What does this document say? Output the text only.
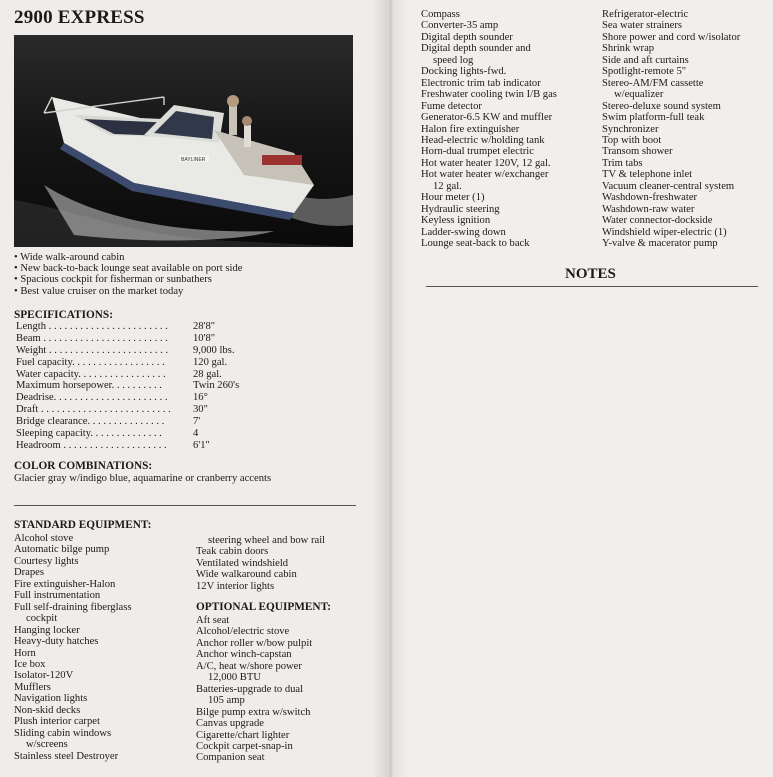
2900 EXPRESS
BAYLINER
• Wide walk-around cabin
• New back-to-back lounge seat available on port side
• Spacious cockpit for fisherman or sunbathers
• Best value cruiser on the market today
SPECIFICATIONS:
Length . . . . . . . . . . . . . . . . . . . . . . . 28'8"
Beam . . . . . . . . . . . . . . . . . . . . . . . . 10'8"
Weight . . . . . . . . . . . . . . . . . . . . . . . 9,000 lbs.
Fuel capacity. . . . . . . . . . . . . . . . . .	120 gal.
Water capacity. . . . . . . . . . . . . . . . .	28 gal.
Maximum horsepower. . . . . . . . . .	Twin 260's
Deadrise. . . . . . . . . . . . . . . . . . . . . . 16°
Draft . . . . . . . . . . . . . . . . . . . . . . . . . 30"
Bridge clearance. . . . . . . . . . . . . . .	7'
Sleeping capacity. . . . . . . . . . . . . .	4
Headroom . . . . . . . . . . . . . . . . . . . . 6'1"
COLOR COMBINATIONS:
Glacier gray w/indigo blue, aquamarine or cranberry accents
STANDARD EQUIPMENT:
Alcohol stove
Automatic bilge pump
Courtesy lights
Drapes
Fire extinguisher-Halon
Full instrumentation
Full self-draining fiberglass
cockpit
Hanging locker
Heavy-duty hatches
Horn
Ice box
Isolator-120V
Mufflers
Navigation lights
Non-skid decks
Plush interior carpet
Sliding cabin windows
w/screens
Stainless steel Destroyer
steering wheel and bow rail
Teak cabin doors
Ventilated windshield
Wide walkaround cabin
12V interior lights
OPTIONAL EQUIPMENT:
Aft seat
Alcohol/electric stove
Anchor roller w/bow pulpit
Anchor winch-capstan
A/C, heat w/shore power
12,000 BTU
Batteries-upgrade to dual
105 amp
Bilge pump extra w/switch
Canvas upgrade
Cigarette/chart lighter
Cockpit carpet-snap-in
Companion seat
Compass
Converter-35 amp
Digital depth sounder
Digital depth sounder and
speed log
Docking lights-fwd.
Electronic trim tab indicator
Freshwater cooling twin I/B gas
Fume detector
Generator-6.5 KW and muffler
Halon fire extinguisher
Head-electric w/holding tank
Horn-dual trumpet electric
Hot water heater 120V, 12 gal.
Hot water heater w/exchanger
12 gal.
Hour meter (1)
Hydraulic steering
Keyless ignition
Ladder-swing down
Lounge seat-back to back
Refrigerator-electric
Sea water strainers
Shore power and cord w/isolator
Shrink wrap
Side and aft curtains
Spotlight-remote 5"
Stereo-AM/FM cassette
w/equalizer
Stereo-deluxe sound system
Swim platform-full teak
Synchronizer
Top with boot
Transom shower
Trim tabs
TV & telephone inlet
Vacuum cleaner-central system
Washdown-freshwater
Washdown-raw water
Water connector-dockside
Windshield wiper-electric (1)
Y-valve & macerator pump
NOTES
